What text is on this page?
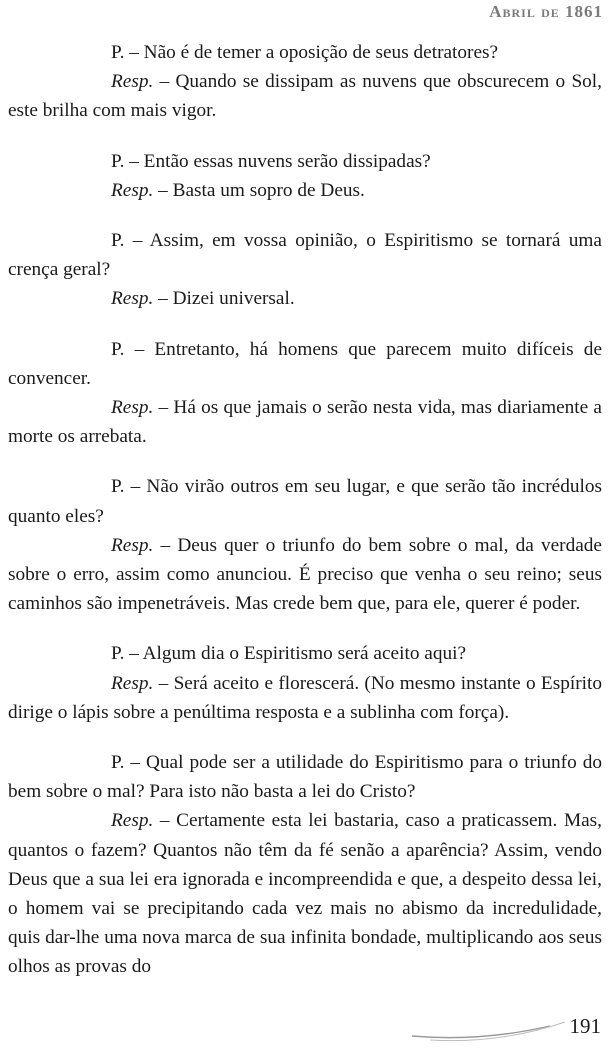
Abril de 1861

P. – Não é de temer a oposição de seus detratores?

Resp. – Quando se dissipam as nuvens que obscurecem o Sol, este brilha com mais vigor.

P. – Então essas nuvens serão dissipadas?

Resp. – Basta um sopro de Deus.

P. – Assim, em vossa opinião, o Espiritismo se tornará uma crença geral?

Resp. – Dizei universal.

P. – Entretanto, há homens que parecem muito difíceis de convencer.

Resp. – Há os que jamais o serão nesta vida, mas diariamente a morte os arrebata.

P. – Não virão outros em seu lugar, e que serão tão incrédulos quanto eles?

Resp. – Deus quer o triunfo do bem sobre o mal, da verdade sobre o erro, assim como anunciou. É preciso que venha o seu reino; seus caminhos são impenetráveis. Mas crede bem que, para ele, querer é poder.

P. – Algum dia o Espiritismo será aceito aqui?

Resp. – Será aceito e florescerá. (No mesmo instante o Espírito dirige o lápis sobre a penúltima resposta e a sublinha com força).

P. – Qual pode ser a utilidade do Espiritismo para o triunfo do bem sobre o mal? Para isto não basta a lei do Cristo?

Resp. – Certamente esta lei bastaria, caso a praticassem. Mas, quantos o fazem? Quantos não têm da fé senão a aparência? Assim, vendo Deus que a sua lei era ignorada e incompreendida e que, a despeito dessa lei, o homem vai se precipitando cada vez mais no abismo da incredulidade, quis dar-lhe uma nova marca de sua infinita bondade, multiplicando aos seus olhos as provas do

191
